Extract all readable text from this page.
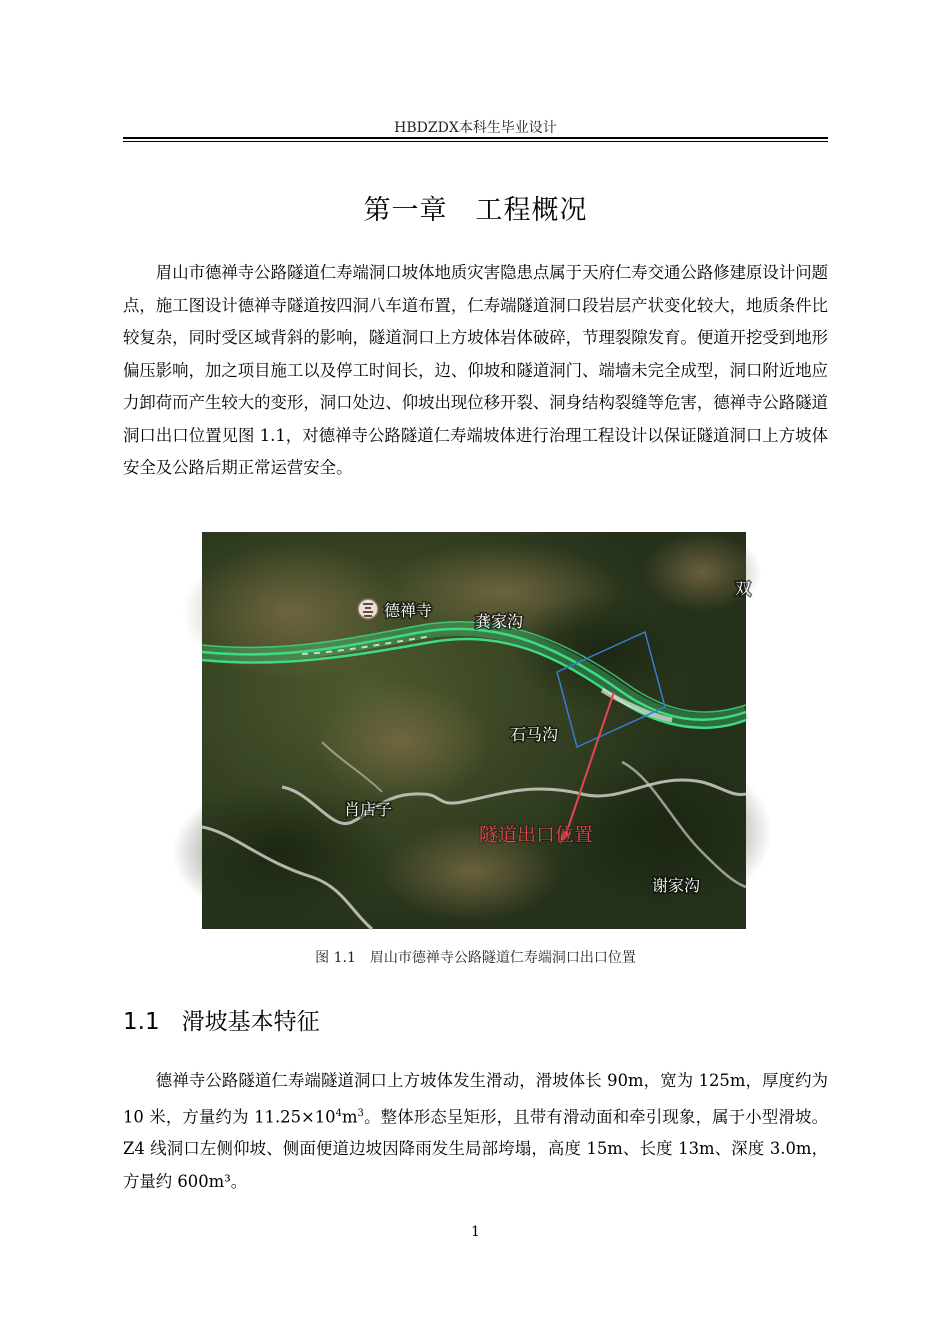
HBDZDX本科生毕业设计
第一章 工程概况
眉山市德禅寺公路隧道仁寿端洞口坡体地质灾害隐患点属于天府仁寿交通公路修建原设计问题点，施工图设计德禅寺隧道按四洞八车道布置，仁寿端隧道洞口段岩层产状变化较大，地质条件比较复杂，同时受区域背斜的影响，隧道洞口上方坡体岩体破碎，节理裂隙发育。便道开挖受到地形偏压影响，加之项目施工以及停工时间长，边、仰坡和隧道洞门、端墙未完全成型，洞口附近地应力卸荷而产生较大的变形，洞口处边、仰坡出现位移开裂、洞身结构裂缝等危害，德禅寺公路隧道洞口出口位置见图 1.1，对德禅寺公路隧道仁寿端坡体进行治理工程设计以保证隧道洞口上方坡体安全及公路后期正常运营安全。
德禅寺
龚家沟
石马沟
肖店子
隧道出口位置
谢家沟
双
图 1.1 眉山市德禅寺公路隧道仁寿端洞口出口位置
1.1 滑坡基本特征
德禅寺公路隧道仁寿端隧道洞口上方坡体发生滑动，滑坡体长 90m，宽为 125m，厚度约为 10 米，方量约为 $11.25\times 10^4m^3$。整体形态呈矩形，且带有滑动面和牵引现象，属于小型滑坡。Z4 线洞口左侧仰坡、侧面便道边坡因降雨发生局部垮塌，高度 15m、长度 13m、深度 3.0m，方量约 600m³。
1
